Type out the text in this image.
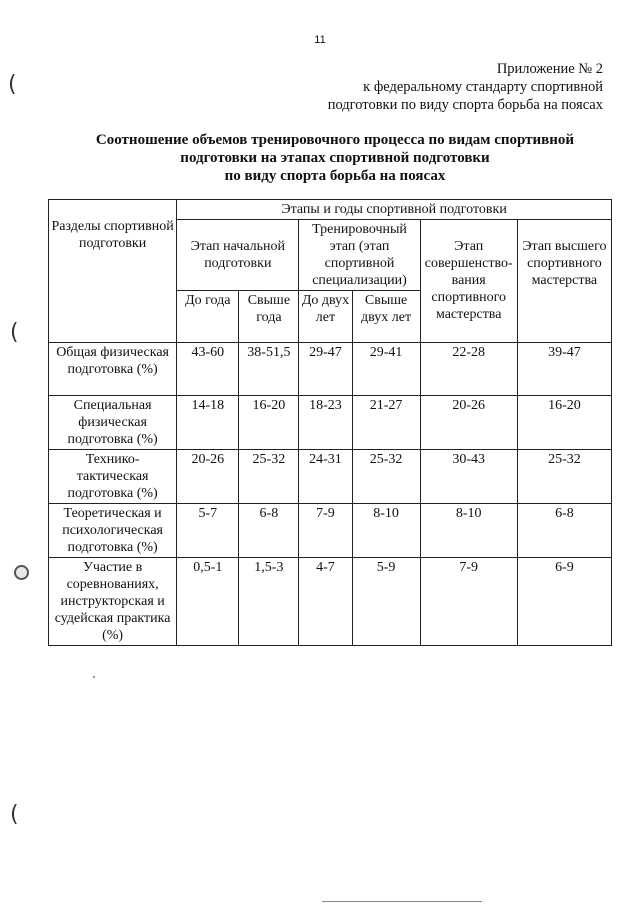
11
Приложение № 2
к федеральному стандарту спортивной
подготовки по виду спорта борьба на поясах
Соотношение объемов тренировочного процесса по видам спортивной
подготовки на этапах спортивной подготовки
по виду спорта борьба на поясах
Разделы спортивной подготовки	Этапы и годы спортивной подготовки					
	Этап начальной подготовки		Тренировочный этап (этап спортивной специализации)		Этап совершенство-вания спортивного мастерства	Этап высшего спортивного мастерства
	До года	Свыше года	До двух лет	Свыше двух лет		
Общая физическая подготовка (%)	43-60	38-51,5	29-47	29-41	22-28	39-47
Специальная физическая подготовка (%)	14-18	16-20	18-23	21-27	20-26	16-20
Технико-тактическая подготовка (%)	20-26	25-32	24-31	25-32	30-43	25-32
Теоретическая и психологическая подготовка (%)	5-7	6-8	7-9	8-10	8-10	6-8
Участие в соревнованиях, инструкторская и судейская практика (%)	0,5-1	1,5-3	4-7	5-9	7-9	6-9
(
(
(
